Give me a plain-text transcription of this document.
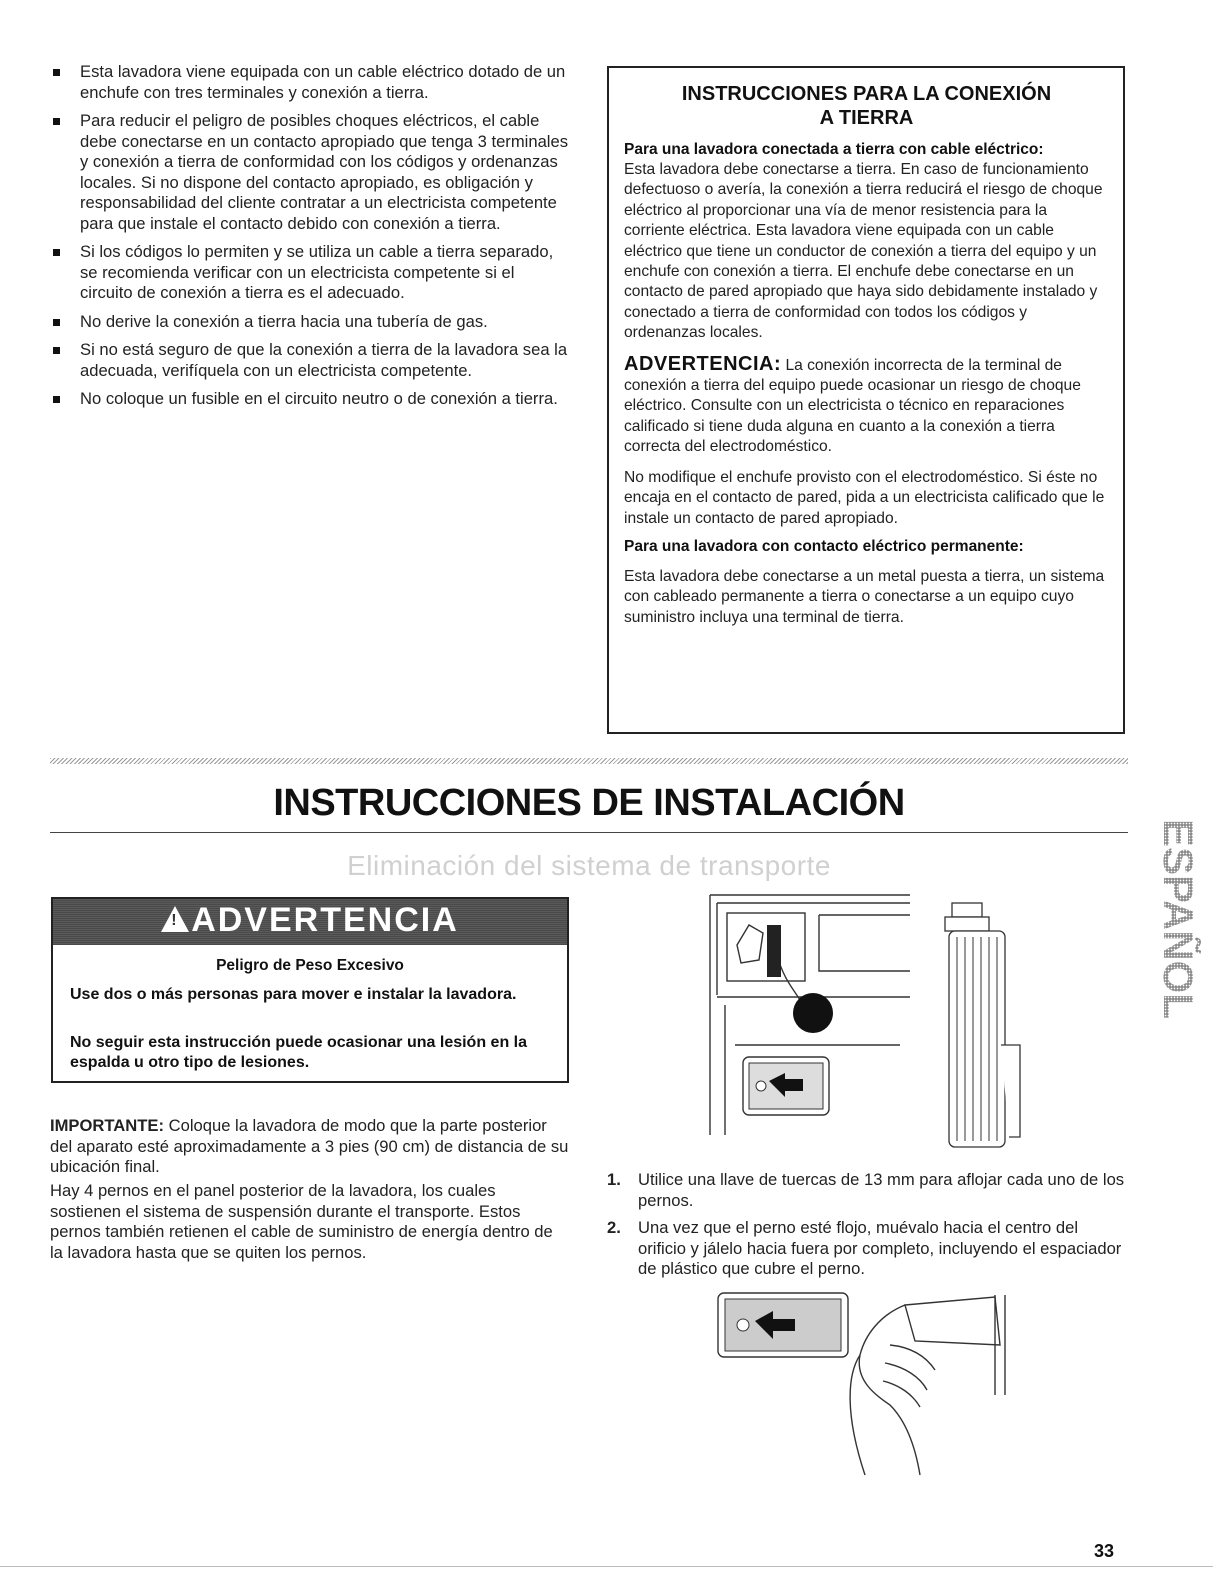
Esta lavadora viene equipada con un cable eléctrico dotado de un enchufe con tres terminales y conexión a tierra.
Para reducir el peligro de posibles choques eléctricos, el cable debe conectarse en un contacto apropiado que tenga 3 terminales y conexión a tierra de conformidad con los códigos y ordenanzas locales. Si no dispone del contacto apropiado, es obligación y responsabilidad del cliente contratar a un electricista competente para que instale el contacto debido con conexión a tierra.
Si los códigos lo permiten y se utiliza un cable a tierra separado, se recomienda verificar con un electricista competente si el circuito de conexión a tierra es el adecuado.
No derive la conexión a tierra hacia una tubería de gas.
Si no está seguro de que la conexión a tierra de la lavadora sea la adecuada, verifíquela con un electricista competente.
No coloque un fusible en el circuito neutro o de conexión a tierra.
INSTRUCCIONES PARA LA CONEXIÓN
A TIERRA
Para una lavadora conectada a tierra con cable eléctrico:

Esta lavadora debe conectarse a tierra. En caso de funcionamiento defectuoso o avería, la conexión a tierra reducirá el riesgo de choque eléctrico al proporcionar una vía de menor resistencia para la corriente eléctrica. Esta lavadora viene equipada con un cable eléctrico que tiene un conductor de conexión a tierra del equipo y un enchufe con conexión a tierra. El enchufe debe conectarse en un contacto de pared apropiado que haya sido debidamente instalado y conectado a tierra de conformidad con todos los códigos y ordenanzas locales.

ADVERTENCIA: La conexión incorrecta de la terminal de conexión a tierra del equipo puede ocasionar un riesgo de choque eléctrico. Consulte con un electricista o técnico en reparaciones calificado si tiene duda alguna en cuanto a la conexión a tierra correcta del electrodoméstico.

No modifique el enchufe provisto con el electrodoméstico. Si éste no encaja en el contacto de pared, pida a un electricista calificado que le instale un contacto de pared apropiado.

Para una lavadora con contacto eléctrico permanente:

Esta lavadora debe conectarse a un metal puesta a tierra, un sistema con cableado permanente a tierra o conectarse a un equipo cuyo suministro incluya una terminal de tierra.

INSTRUCCIONES DE INSTALACIÓN
Eliminación del sistema de transporte
!ADVERTENCIA
Peligro de Peso Excesivo
Use dos o más personas para mover e instalar la lavadora.
No seguir esta instrucción puede ocasionar una lesión en la espalda u otro tipo de lesiones.

IMPORTANTE: Coloque la lavadora de modo que la parte posterior del aparato esté aproximadamente a 3 pies (90 cm) de distancia de su ubicación final.

Hay 4 pernos en el panel posterior de la lavadora, los cuales sostienen el sistema de suspensión durante el transporte. Estos pernos también retienen el cable de suministro de energía dentro de la lavadora hasta que se quiten los pernos.

1. Utilice una llave de tuercas de 13 mm para aflojar cada uno de los pernos.
2. Una vez que el perno esté flojo, muévalo hacia el centro del orificio y jálelo hacia fuera por completo, incluyendo el espaciador de plástico que cubre el perno.
ESPAÑOL
33
